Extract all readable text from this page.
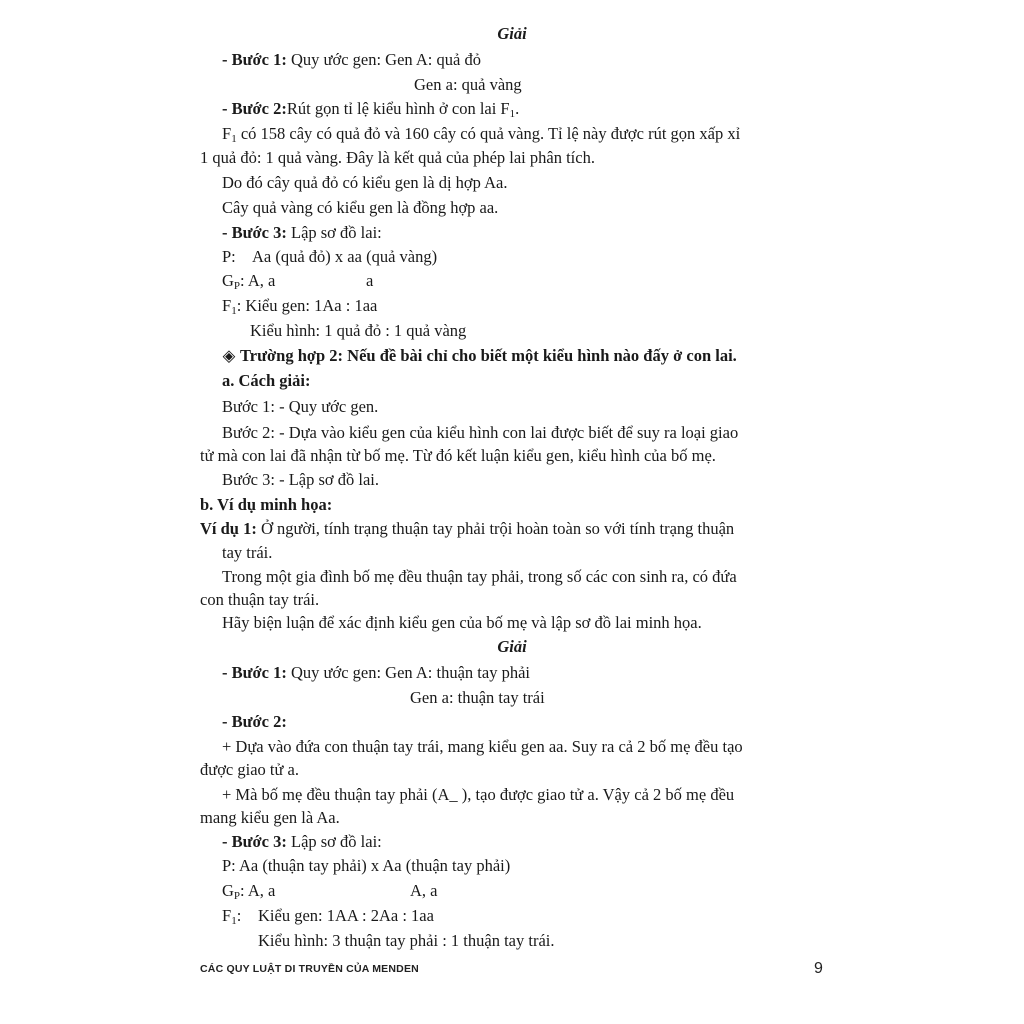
Giải
- Bước 1: Quy ước gen: Gen A: quả đỏ
Gen a: quả vàng
- Bước 2:Rút gọn tỉ lệ kiểu hình ở con lai $F_1$.
$F_1$ có 158 cây có quả đỏ và 160 cây có quả vàng. Tỉ lệ này được rút gọn xấp xỉ
1 quả đỏ: 1 quả vàng. Đây là kết quả của phép lai phân tích.
Do đó cây quả đỏ có kiểu gen là dị hợp Aa.
Cây quả vàng có kiểu gen là đồng hợp aa.
- Bước 3: Lập sơ đồ lai:
P: Aa (quả đỏ) x aa (quả vàng)
$G_P$: A, a	a
$F_1$: Kiểu gen: 1Aa : 1aa
Kiểu hình: 1 quả đỏ : 1 quả vàng
◈ Trường hợp 2: Nếu đề bài chỉ cho biết một kiểu hình nào đấy ở con lai.
a. Cách giải:
Bước 1: - Quy ước gen.
Bước 2: - Dựa vào kiểu gen của kiểu hình con lai được biết để suy ra loại giao
tử mà con lai đã nhận từ bố mẹ. Từ đó kết luận kiểu gen, kiểu hình của bố mẹ.
Bước 3: - Lập sơ đồ lai.
b. Ví dụ minh họa:
Ví dụ 1: Ở người, tính trạng thuận tay phải trội hoàn toàn so với tính trạng thuận
tay trái.
Trong một gia đình bố mẹ đều thuận tay phải, trong số các con sinh ra, có đứa
con thuận tay trái.
Hãy biện luận để xác định kiểu gen của bố mẹ và lập sơ đồ lai minh họa.
Giải
- Bước 1: Quy ước gen: Gen A: thuận tay phải
Gen a: thuận tay trái
- Bước 2:
+ Dựa vào đứa con thuận tay trái, mang kiểu gen aa. Suy ra cả 2 bố mẹ đều tạo
được giao tử a.
+ Mà bố mẹ đều thuận tay phải (A_ ), tạo được giao tử a. Vậy cả 2 bố mẹ đều
mang kiểu gen là Aa.
- Bước 3: Lập sơ đồ lai:
P: Aa (thuận tay phải) x Aa (thuận tay phải)
$G_P$: A, a	A, a
$F_1$: Kiểu gen: 1AA : 2Aa : 1aa
Kiểu hình: 3 thuận tay phải : 1 thuận tay trái.
CÁC QUY LUẬT DI TRUYỀN CỦA MENDEN	9
